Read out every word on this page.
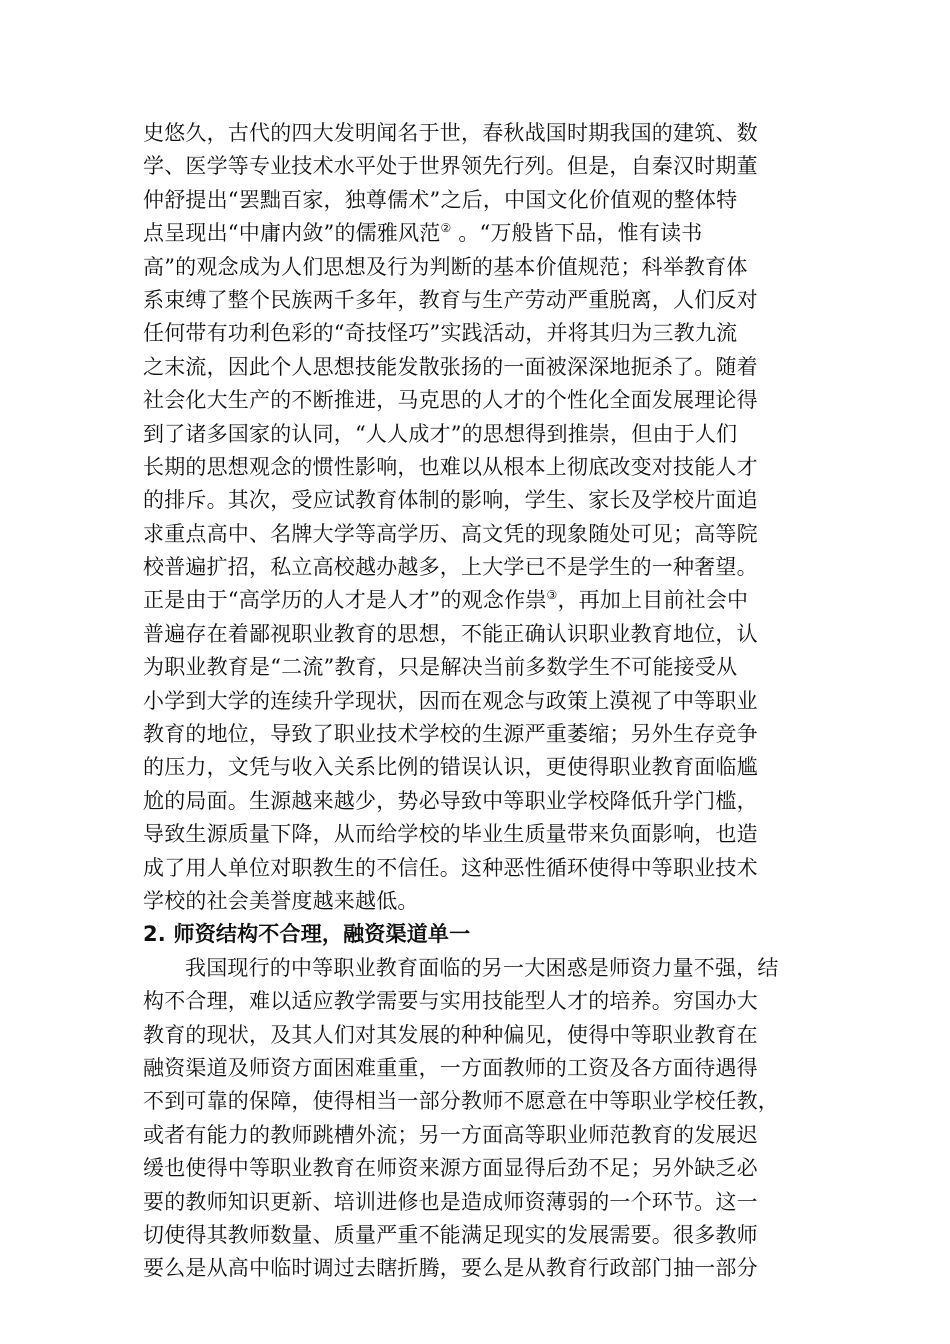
史悠久，古代的四大发明闻名于世，春秋战国时期我国的建筑、数
学、医学等专业技术水平处于世界领先行列。但是，自秦汉时期董
仲舒提出“罢黜百家，独尊儒术”之后，中国文化价值观的整体特
点呈现出“中庸内敛”的儒雅风范② 。“万般皆下品，惟有读书
高”的观念成为人们思想及行为判断的基本价值规范；科举教育体
系束缚了整个民族两千多年，教育与生产劳动严重脱离，人们反对
任何带有功利色彩的“奇技怪巧”实践活动，并将其归为三教九流
之末流，因此个人思想技能发散张扬的一面被深深地扼杀了。随着
社会化大生产的不断推进，马克思的人才的个性化全面发展理论得
到了诸多国家的认同，“人人成才”的思想得到推崇，但由于人们
长期的思想观念的惯性影响，也难以从根本上彻底改变对技能人才
的排斥。其次，受应试教育体制的影响，学生、家长及学校片面追
求重点高中、名牌大学等高学历、高文凭的现象随处可见；高等院
校普遍扩招，私立高校越办越多，上大学已不是学生的一种奢望。
正是由于“高学历的人才是人才”的观念作祟③，再加上目前社会中
普遍存在着鄙视职业教育的思想，不能正确认识职业教育地位，认
为职业教育是“二流”教育，只是解决当前多数学生不可能接受从
小学到大学的连续升学现状，因而在观念与政策上漠视了中等职业
教育的地位，导致了职业技术学校的生源严重萎缩；另外生存竞争
的压力，文凭与收入关系比例的错误认识，更使得职业教育面临尴
尬的局面。生源越来越少，势必导致中等职业学校降低升学门槛，
导致生源质量下降，从而给学校的毕业生质量带来负面影响，也造
成了用人单位对职教生的不信任。这种恶性循环使得中等职业技术
学校的社会美誉度越来越低。
2. 师资结构不合理，融资渠道单一
我国现行的中等职业教育面临的另一大困惑是师资力量不强，结
构不合理，难以适应教学需要与实用技能型人才的培养。穷国办大
教育的现状，及其人们对其发展的种种偏见，使得中等职业教育在
融资渠道及师资方面困难重重，一方面教师的工资及各方面待遇得
不到可靠的保障，使得相当一部分教师不愿意在中等职业学校任教，
或者有能力的教师跳槽外流；另一方面高等职业师范教育的发展迟
缓也使得中等职业教育在师资来源方面显得后劲不足；另外缺乏必
要的教师知识更新、培训进修也是造成师资薄弱的一个环节。这一
切使得其教师数量、质量严重不能满足现实的发展需要。很多教师
要么是从高中临时调过去瞎折腾，要么是从教育行政部门抽一部分
